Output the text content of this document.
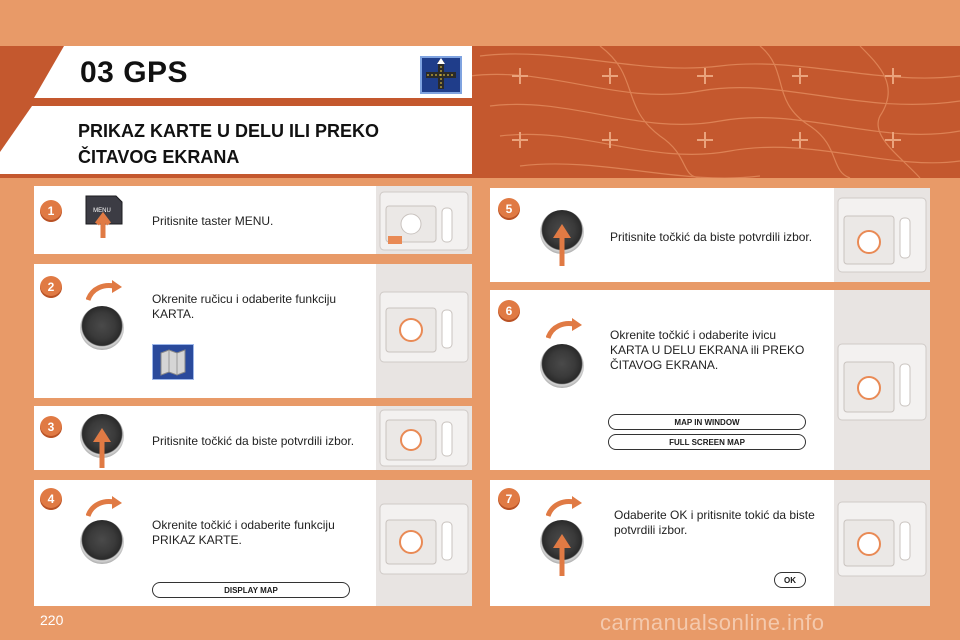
03 GPS
PRIKAZ KARTE U DELU ILI PREKO
ČITAVOG EKRANA
1	MENU
Pritisnite taster MENU.
2
Okrenite ručicu i odaberite funkciju
KARTA.
3
Pritisnite točkić da biste potvrdili izbor.
4
Okrenite točkić i odaberite funkciju
PRIKAZ KARTE.
DISPLAY MAP
5
Pritisnite točkić da biste potvrdili izbor.
6
Okrenite točkić i odaberite ivicu
KARTA U DELU EKRANA ili PREKO
ČITAVOG EKRANA.
MAP IN WINDOW
FULL SCREEN MAP
7
Odaberite OK i pritisnite tokić da biste
potvrdili izbor.
OK
220	carmanualsonline.info
